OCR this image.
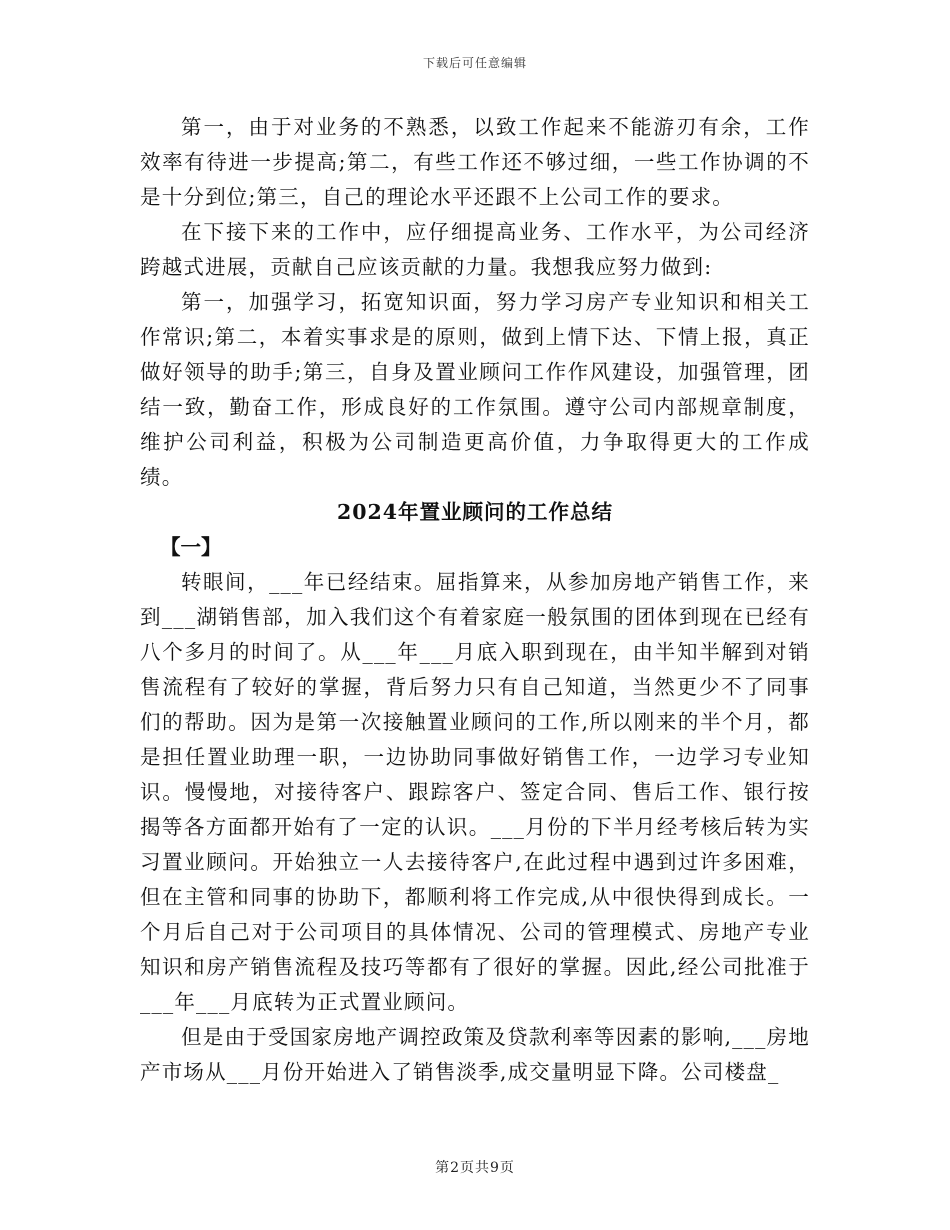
下载后可任意编辑

第一，由于对业务的不熟悉，以致工作起来不能游刃有余，工作效率有待进一步提高;第二，有些工作还不够过细，一些工作协调的不是十分到位;第三，自己的理论水平还跟不上公司工作的要求。

在下接下来的工作中，应仔细提高业务、工作水平，为公司经济跨越式进展，贡献自己应该贡献的力量。我想我应努力做到:

第一，加强学习，拓宽知识面，努力学习房产专业知识和相关工作常识;第二，本着实事求是的原则，做到上情下达、下情上报，真正做好领导的助手;第三，自身及置业顾问工作作风建设，加强管理，团结一致，勤奋工作，形成良好的工作氛围。遵守公司内部规章制度，维护公司利益，积极为公司制造更高价值，力争取得更大的工作成绩。

2024年置业顾问的工作总结

【一】

转眼间，___年已经结束。屈指算来，从参加房地产销售工作，来到___湖销售部，加入我们这个有着家庭一般氛围的团体到现在已经有八个多月的时间了。从___年___月底入职到现在，由半知半解到对销售流程有了较好的掌握，背后努力只有自己知道，当然更少不了同事们的帮助。因为是第一次接触置业顾问的工作,所以刚来的半个月，都是担任置业助理一职，一边协助同事做好销售工作，一边学习专业知识。慢慢地，对接待客户、跟踪客户、签定合同、售后工作、银行按揭等各方面都开始有了一定的认识。___月份的下半月经考核后转为实习置业顾问。开始独立一人去接待客户,在此过程中遇到过许多困难，但在主管和同事的协助下，都顺利将工作完成,从中很快得到成长。一个月后自己对于公司项目的具体情况、公司的管理模式、房地产专业知识和房产销售流程及技巧等都有了很好的掌握。因此,经公司批准于___年___月底转为正式置业顾问。

但是由于受国家房地产调控政策及贷款利率等因素的影响,___房地产市场从___月份开始进入了销售淡季,成交量明显下降。公司楼盘_

第2页共9页
